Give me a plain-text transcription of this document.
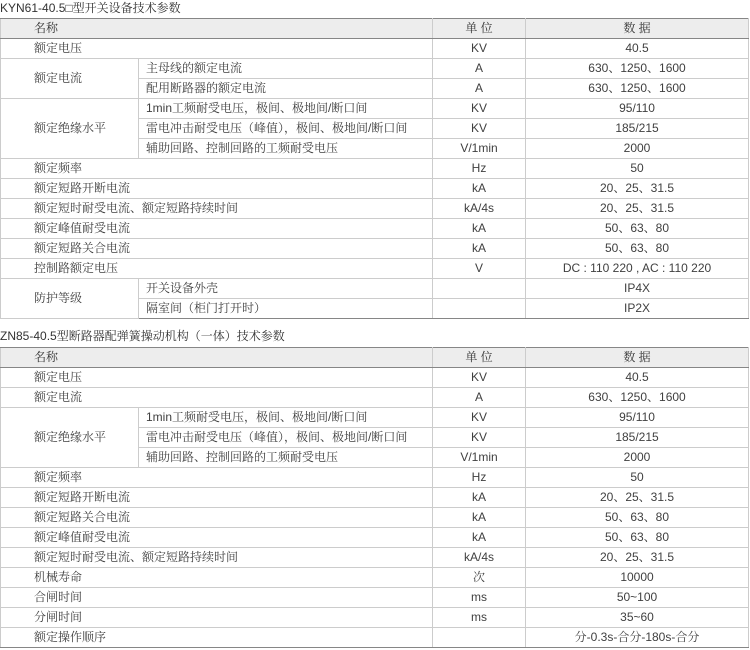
KYN61-40.5□型开关设备技术参数
名称		单 位	数 据
额定电压		KV	40.5
额定电流	主母线的额定电流	A	630、1250、1600
	配用断路器的额定电流	A	630、1250、1600
额定绝缘水平	1min工频耐受电压，极间、极地间/断口间	KV	95/110
	雷电冲击耐受电压（峰值），极间、极地间/断口间	KV	185/215
	辅助回路、控制回路的工频耐受电压	V/1min	2000
额定频率		Hz	50
额定短路开断电流		kA	20、25、31.5
额定短时耐受电流、额定短路持续时间		kA/4s	20、25、31.5
额定峰值耐受电流		kA	50、63、80
额定短路关合电流		kA	50、63、80
控制路额定电压		V	DC : 110 220 , AC : 110 220
防护等级	开关设备外壳		IP4X
	隔室间（柜门打开时）		IP2X
ZN85-40.5型断路器配弹簧操动机构（一体）技术参数
名称		单 位	数 据
额定电压		KV	40.5
额定电流		A	630、1250、1600
额定绝缘水平	1min工频耐受电压，极间、极地间/断口间	KV	95/110
	雷电冲击耐受电压（峰值），极间、极地间/断口间	KV	185/215
	辅助回路、控制回路的工频耐受电压	V/1min	2000
额定频率		Hz	50
额定短路开断电流		kA	20、25、31.5
额定短路关合电流		kA	50、63、80
额定峰值耐受电流		kA	50、63、80
额定短时耐受电流、额定短路持续时间		kA/4s	20、25、31.5
机械寿命		次	10000
合闸时间		ms	50~100
分闸时间		ms	35~60
额定操作顺序			分-0.3s-合分-180s-合分
